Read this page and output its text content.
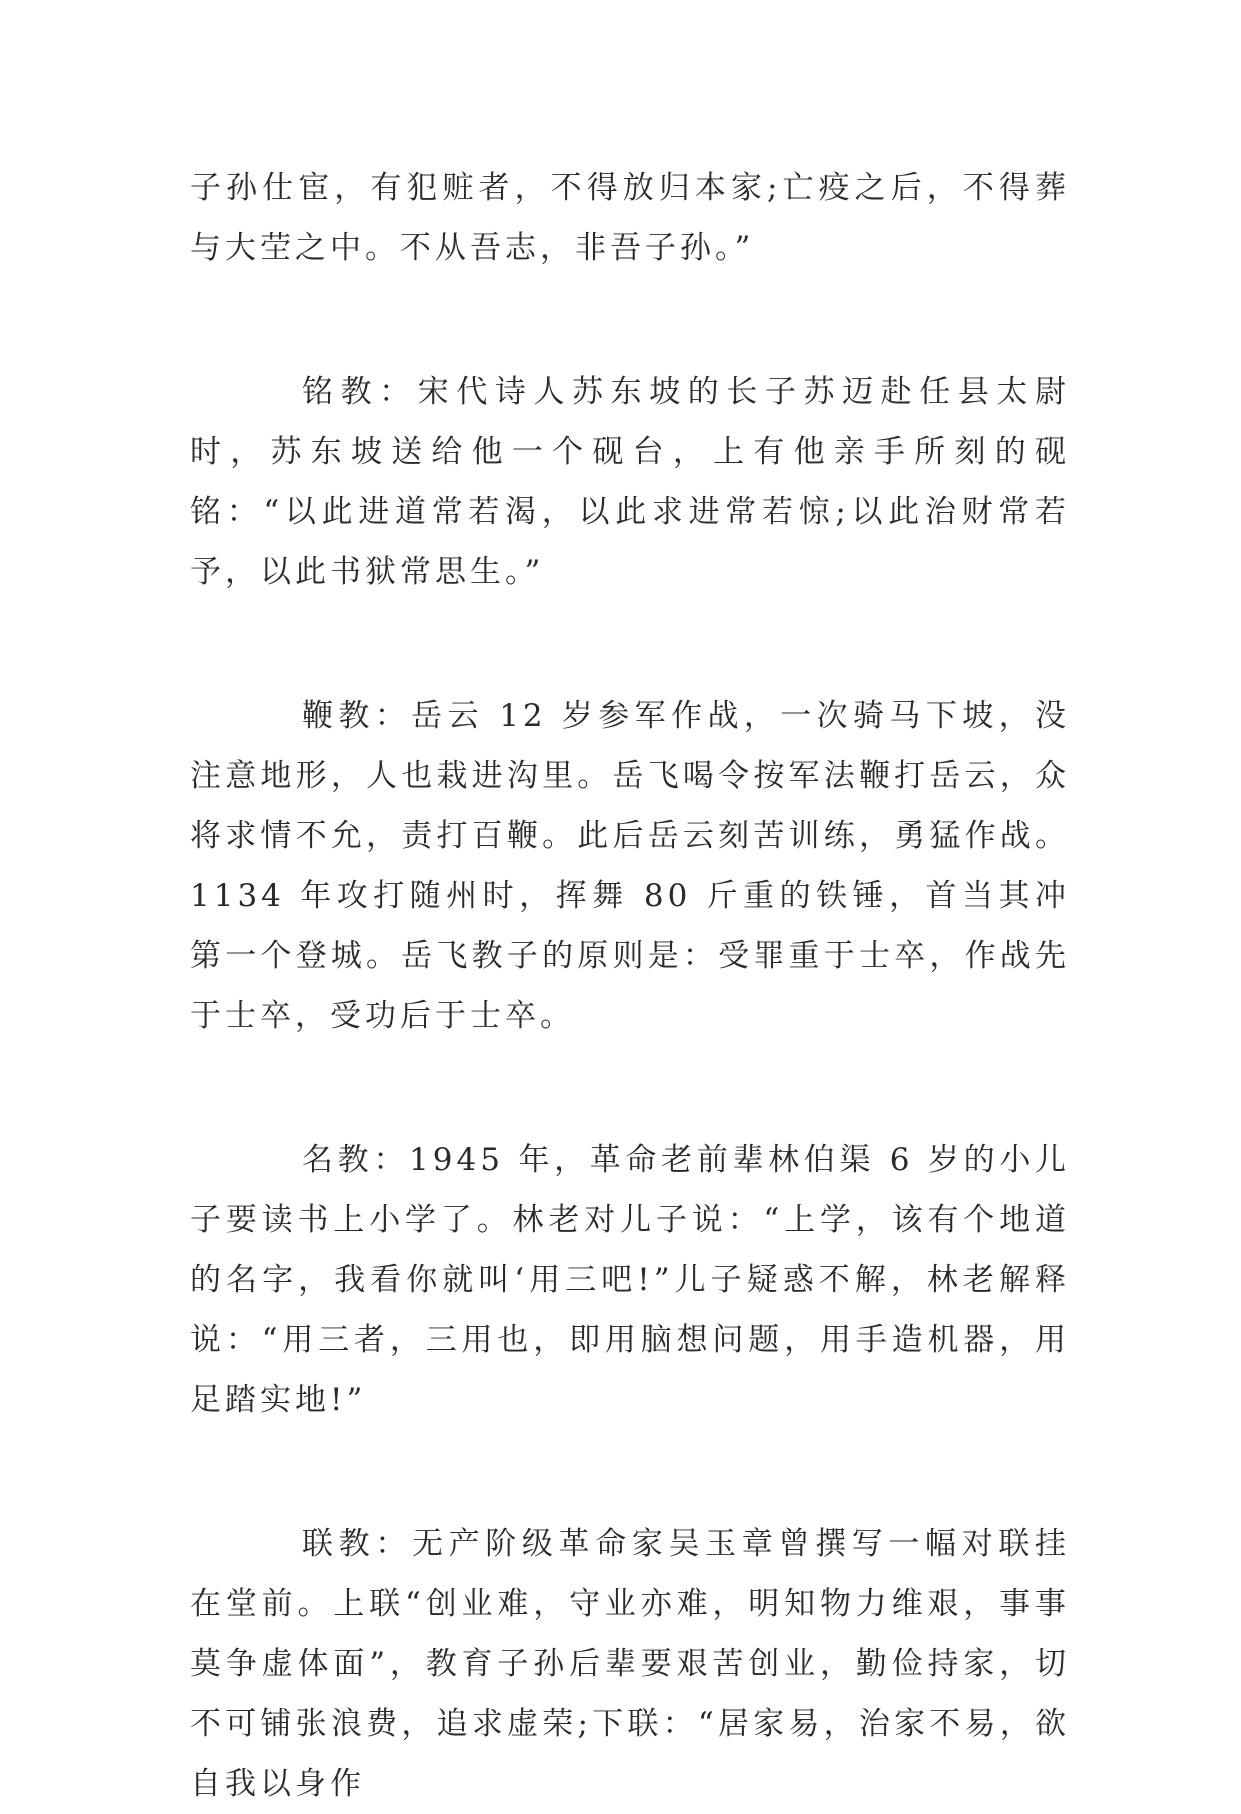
子孙仕宦，有犯赃者，不得放归本家;亡疫之后，不得葬与大茔之中。不从吾志，非吾子孙。”

铭教：宋代诗人苏东坡的长子苏迈赴任县太尉时，苏东坡送给他一个砚台，上有他亲手所刻的砚铭：“以此进道常若渴，以此求进常若惊;以此治财常若予，以此书狱常思生。”

鞭教：岳云 12 岁参军作战，一次骑马下坡，没注意地形，人也栽进沟里。岳飞喝令按军法鞭打岳云，众将求情不允，责打百鞭。此后岳云刻苦训练，勇猛作战。1134 年攻打随州时，挥舞 80 斤重的铁锤，首当其冲第一个登城。岳飞教子的原则是：受罪重于士卒，作战先于士卒，受功后于士卒。

名教：1945 年，革命老前辈林伯渠 6 岁的小儿子要读书上小学了。林老对儿子说：“上学，该有个地道的名字，我看你就叫‘用三吧!”儿子疑惑不解，林老解释说：“用三者，三用也，即用脑想问题，用手造机器，用足踏实地!”

联教：无产阶级革命家吴玉章曾撰写一幅对联挂在堂前。上联“创业难，守业亦难，明知物力维艰，事事莫争虚体面”，教育子孙后辈要艰苦创业，勤俭持家，切不可铺张浪费，追求虚荣;下联：“居家易，治家不易，欲自我以身作
